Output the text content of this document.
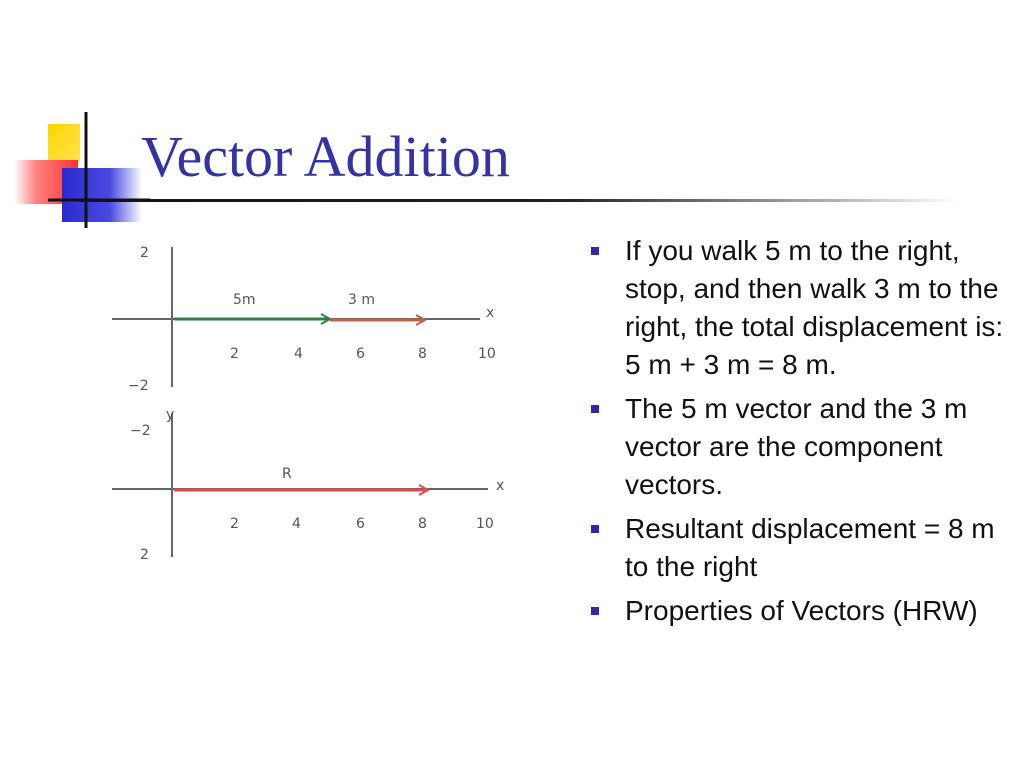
Vector Addition
2
−2
2	4	6	8	10
x
5m	3 m
y
−2
2
2	4	6	8	10
x
R
If you walk 5 m to the right, stop, and then walk 3 m to the right, the total displacement is: 5 m + 3 m = 8 m.
The 5 m vector and the 3 m vector are the component vectors.
Resultant displacement = 8 m to the right
Properties of Vectors (HRW)
